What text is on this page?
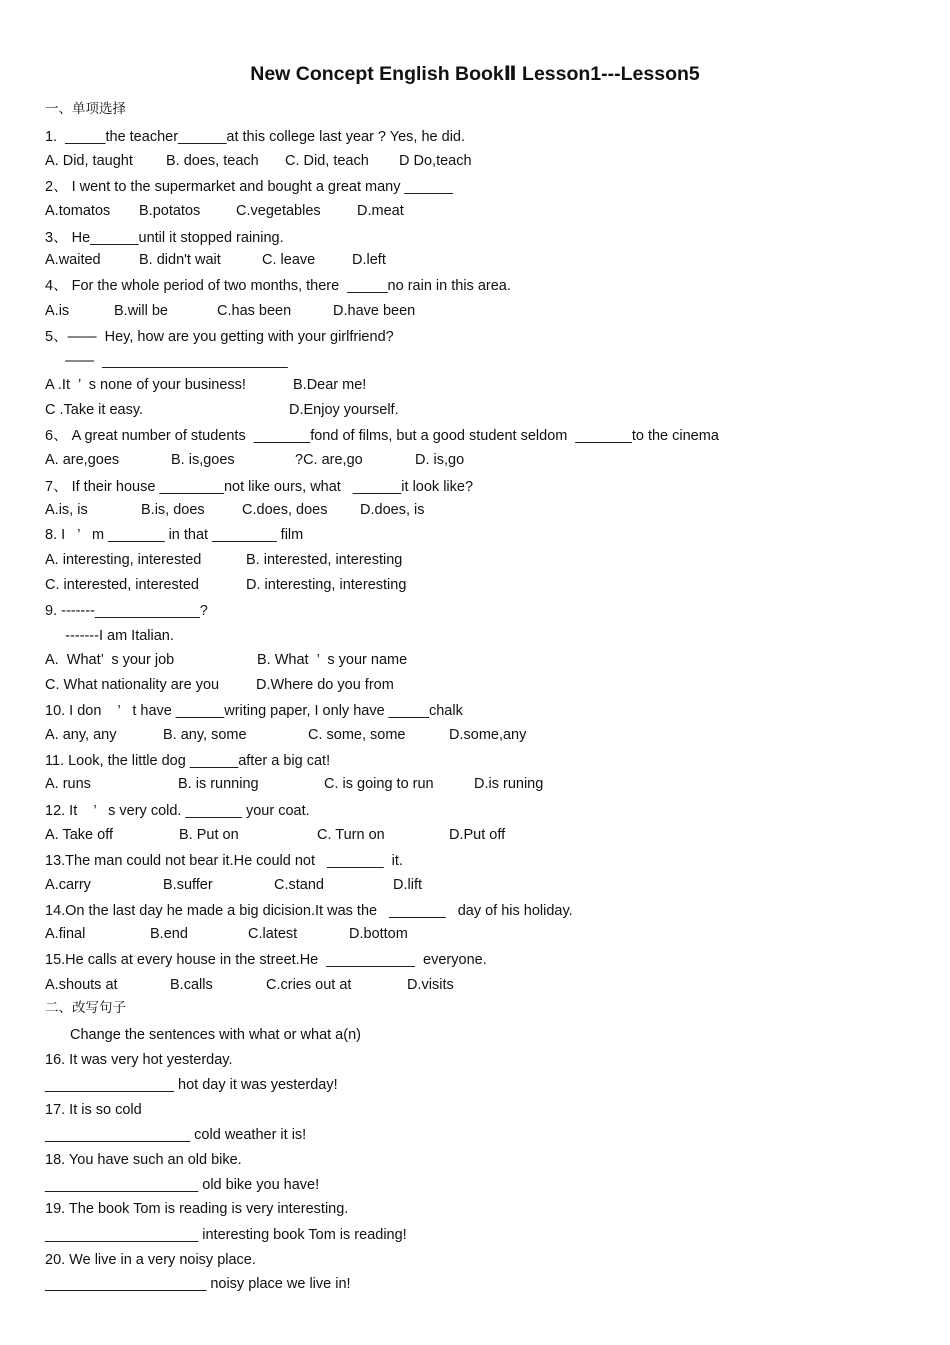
New Concept English BookⅡ Lesson1---Lesson5
一、单项选择
二、改写句子
Change the sentences with what or what a(n)
1.  _____the teacher______at this college last year ? Yes, he did.
A. Did, taught B. does, teach C. Did, teach D Do,teach
2、 I went to the supermarket and bought a great many ______
A.tomatos B.potatos C.vegetables	D.meat
3、 He______until it stopped raining.
A.waited	B. didn't wait	C. leave	D.left
4、 For the whole period of two months, there  _____no rain in this area.
A.is	B.will be	C.has been	D.have been
5、——  Hey, how are you getting with your girlfriend?
——  _______________________
A .It  ’  s none of your business!	B.Dear me!
C .Take it easy.	D.Enjoy yourself.
6、 A great number of students  _______fond of films, but a good student seldom  _______to the cinema
A. are,goes	B. is,goes	?C. are,go	D. is,go
7、 If their house ________not like ours, what   ______it look like?
A.is, is	B.is, does	C.does, does D.does, is
8. I   ’   m _______ in that ________ film
A. interesting, interested	B. interested, interesting
C. interested, interested	D. interesting, interesting
9. -------_____________?
-------I am Italian.
A.  What’  s your job	B. What  ’  s your name
C. What nationality are you	D.Where do you from
10. I don    ’   t have ______writing paper, I only have _____chalk
A. any, any	B. any, some	C. some, some	D.some,any
11. Look, the little dog ______after a big cat!
A. runs	B. is running	C. is going to run	D.is runing
12. It    ’   s very cold. _______ your coat.
A. Take off	B. Put on	C. Turn on	D.Put off
13.The man could not bear it.He could not   _______  it.
A.carry	B.suffer	C.stand	D.lift
14.On the last day he made a big dicision.It was the   _______   day of his holiday.
A.final	B.end	C.latest	D.bottom
15.He calls at every house in the street.He  ___________  everyone.
A.shouts at	B.calls	C.cries out at	D.visits
16. It was very hot yesterday.
________________ hot day it was yesterday!
17. It is so cold
__________________ cold weather it is!
18. You have such an old bike.
___________________ old bike you have!
19. The book Tom is reading is very interesting.
___________________ interesting book Tom is reading!
20. We live in a very noisy place.
____________________ noisy place we live in!
